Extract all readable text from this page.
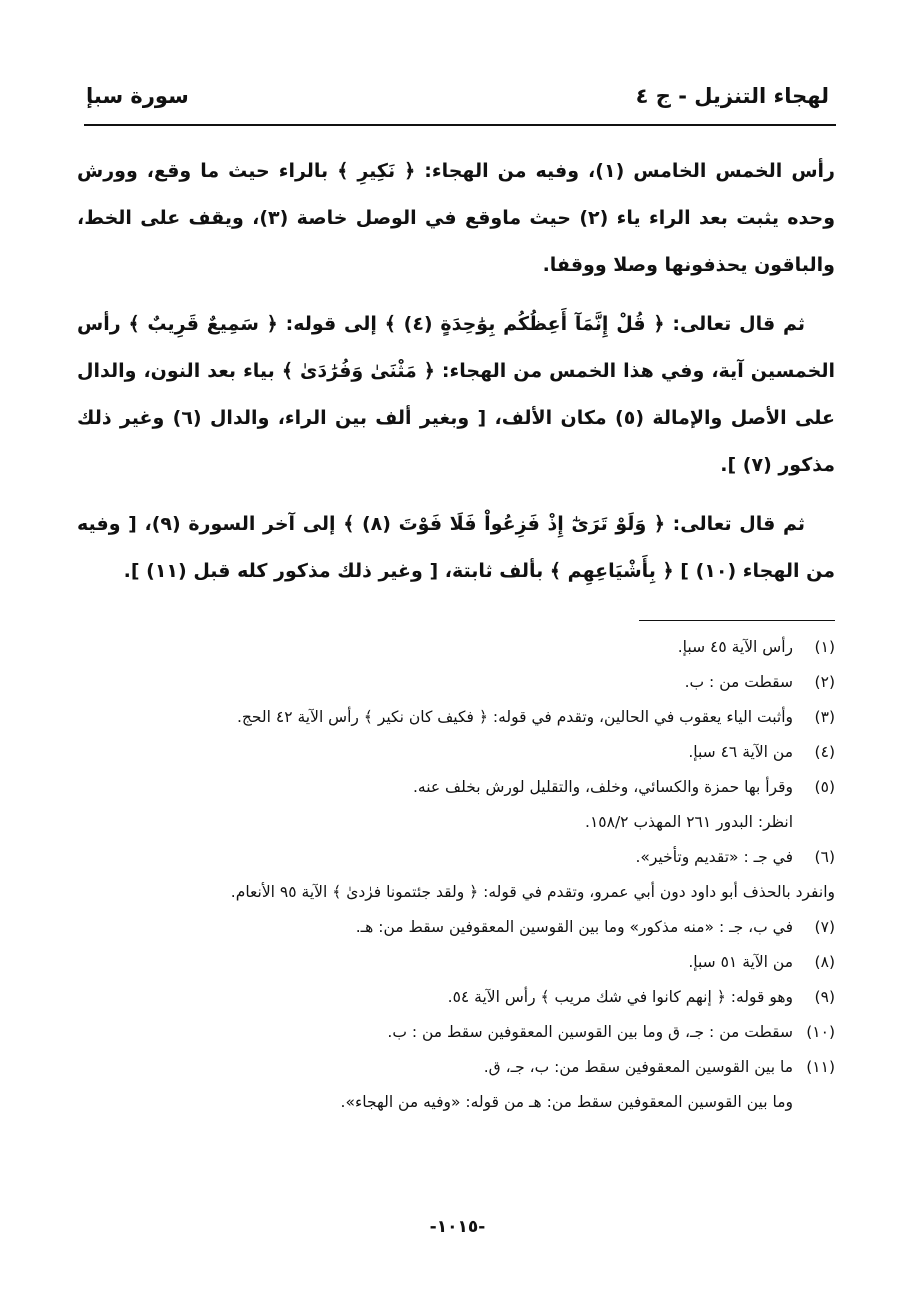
لهجاء التنزيل - ج ٤
سورة سبإ

رأس الخمس الخامس (١)، وفيه من الهجاء: ﴿ نَكِيرِ ﴾ بالراء حيث ما وقع، وورش وحده يثبت بعد الراء ياء (٢) حيث ماوقع في الوصل خاصة (٣)، ويقف على الخط، والباقون يحذفونها وصلا ووقفا.

ثم قال تعالى: ﴿ قُلْ إِنَّمَآ أَعِظُكُم بِوَٰحِدَةٍ (٤) ﴾ إلى قوله: ﴿ سَمِيعٌ قَرِيبٌ ﴾ رأس الخمسين آية، وفي هذا الخمس من الهجاء: ﴿ مَثْنَىٰ وَفُرَٰدَىٰ ﴾ بياء بعد النون، والدال على الأصل والإمالة (٥) مكان الألف، [ وبغير ألف بين الراء، والدال (٦) وغير ذلك مذكور (٧) ].

ثم قال تعالى: ﴿ وَلَوْ تَرَىٰٓ إِذْ فَزِعُواْ فَلَا فَوْتَ (٨) ﴾ إلى آخر السورة (٩)، [ وفيه من الهجاء (١٠) ] ﴿ بِأَشْيَاعِهِم ﴾ بألف ثابتة، [ وغير ذلك مذكور كله قبل (١١) ].

(١)
رأس الآية ٤٥ سبإ.
(٢)
سقطت من : ب.
(٣)
وأثبت الياء يعقوب في الحالين، وتقدم في قوله: ﴿ فكيف كان نكير ﴾ رأس الآية ٤٢ الحج.
(٤)
من الآية ٤٦ سبإ.
(٥)
وقرأ بها حمزة والكسائي، وخلف، والتقليل لورش بخلف عنه.
انظر: البدور ٢٦١ المهذب ١٥٨/٢.
(٦)
في جـ : «تقديم وتأخير».
وانفرد بالحذف أبو داود دون أبي عمرو، وتقدم في قوله: ﴿ ولقد جئتمونا فرٰدىٰ ﴾ الآية ٩٥ الأنعام.
(٧)
في ب، جـ : «منه مذكور» وما بين القوسين المعقوفين سقط من: هـ.
(٨)
من الآية ٥١ سبإ.
(٩)
وهو قوله: ﴿ إنهم كانوا في شك مريب ﴾ رأس الآية ٥٤.
(١٠)
سقطت من : جـ، ق وما بين القوسين المعقوفين سقط من : ب.
(١١)
ما بين القوسين المعقوفين سقط من: ب، جـ، ق.
وما بين القوسين المعقوفين سقط من: هـ من قوله: «وفيه من الهجاء».
-١٠١٥-
